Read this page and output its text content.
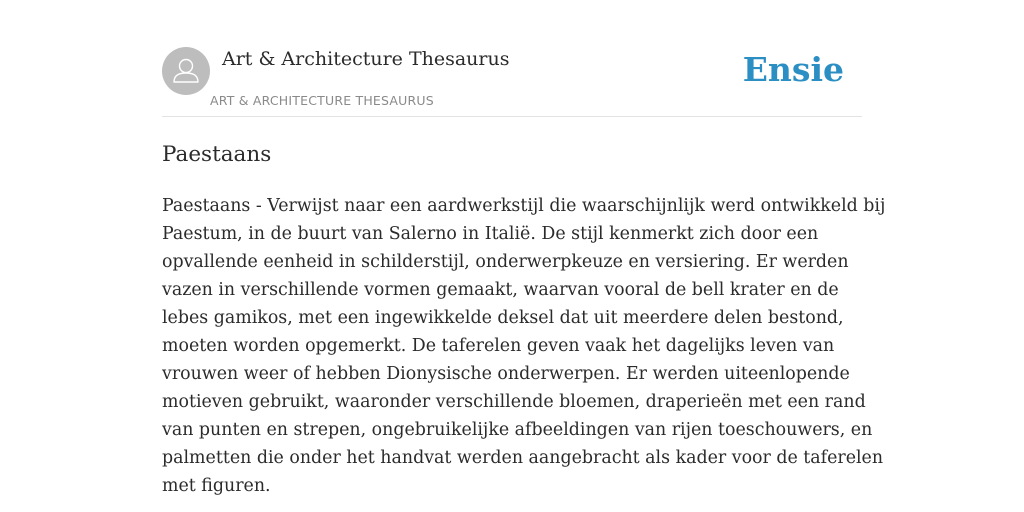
Art & Architecture Thesaurus
ART & ARCHITECTURE THESAURUS
Ensie
Paestaans

Paestaans - Verwijst naar een aardwerkstijl die waarschijnlijk werd ontwikkeld bij
Paestum, in de buurt van Salerno in Italië. De stijl kenmerkt zich door een
opvallende eenheid in schilderstijl, onderwerpkeuze en versiering. Er werden
vazen in verschillende vormen gemaakt, waarvan vooral de bell krater en de
lebes gamikos, met een ingewikkelde deksel dat uit meerdere delen bestond,
moeten worden opgemerkt. De taferelen geven vaak het dagelijks leven van
vrouwen weer of hebben Dionysische onderwerpen. Er werden uiteenlopende
motieven gebruikt, waaronder verschillende bloemen, draperieën met een rand
van punten en strepen, ongebruikelijke afbeeldingen van rijen toeschouwers, en
palmetten die onder het handvat werden aangebracht als kader voor de taferelen
met figuren.
